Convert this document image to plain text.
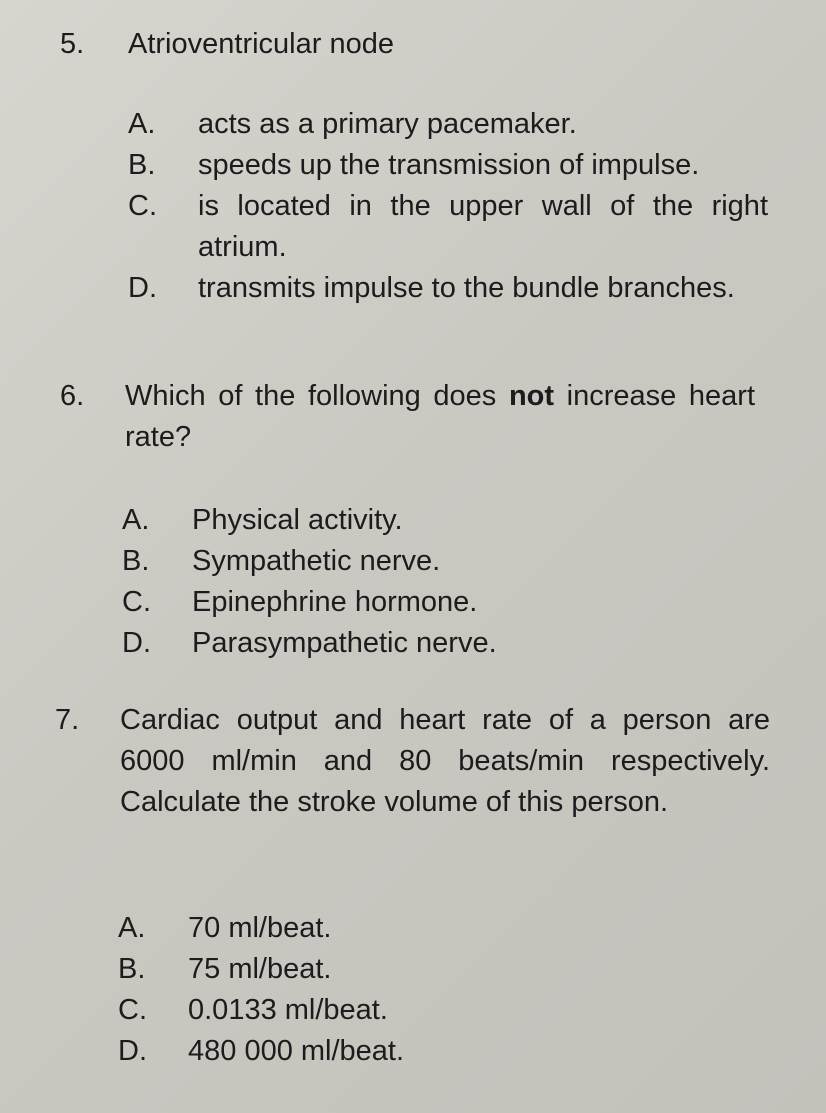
5. Atrioventricular node
A. acts as a primary pacemaker.
B. speeds up the transmission of impulse.
C.	is located in the upper wall of the right atrium.
D.	transmits impulse to the bundle branches.
6. Which of the following does not increase heart rate?
A. Physical activity.
B. Sympathetic nerve.
C. Epinephrine hormone.
D. Parasympathetic nerve.
7. Cardiac output and heart rate of a person are 6000 ml/min and 80 beats/min respectively. Calculate the stroke volume of this person.
A. 70 ml/beat.
B. 75 ml/beat.
C. 0.0133 ml/beat.
D. 480 000 ml/beat.
